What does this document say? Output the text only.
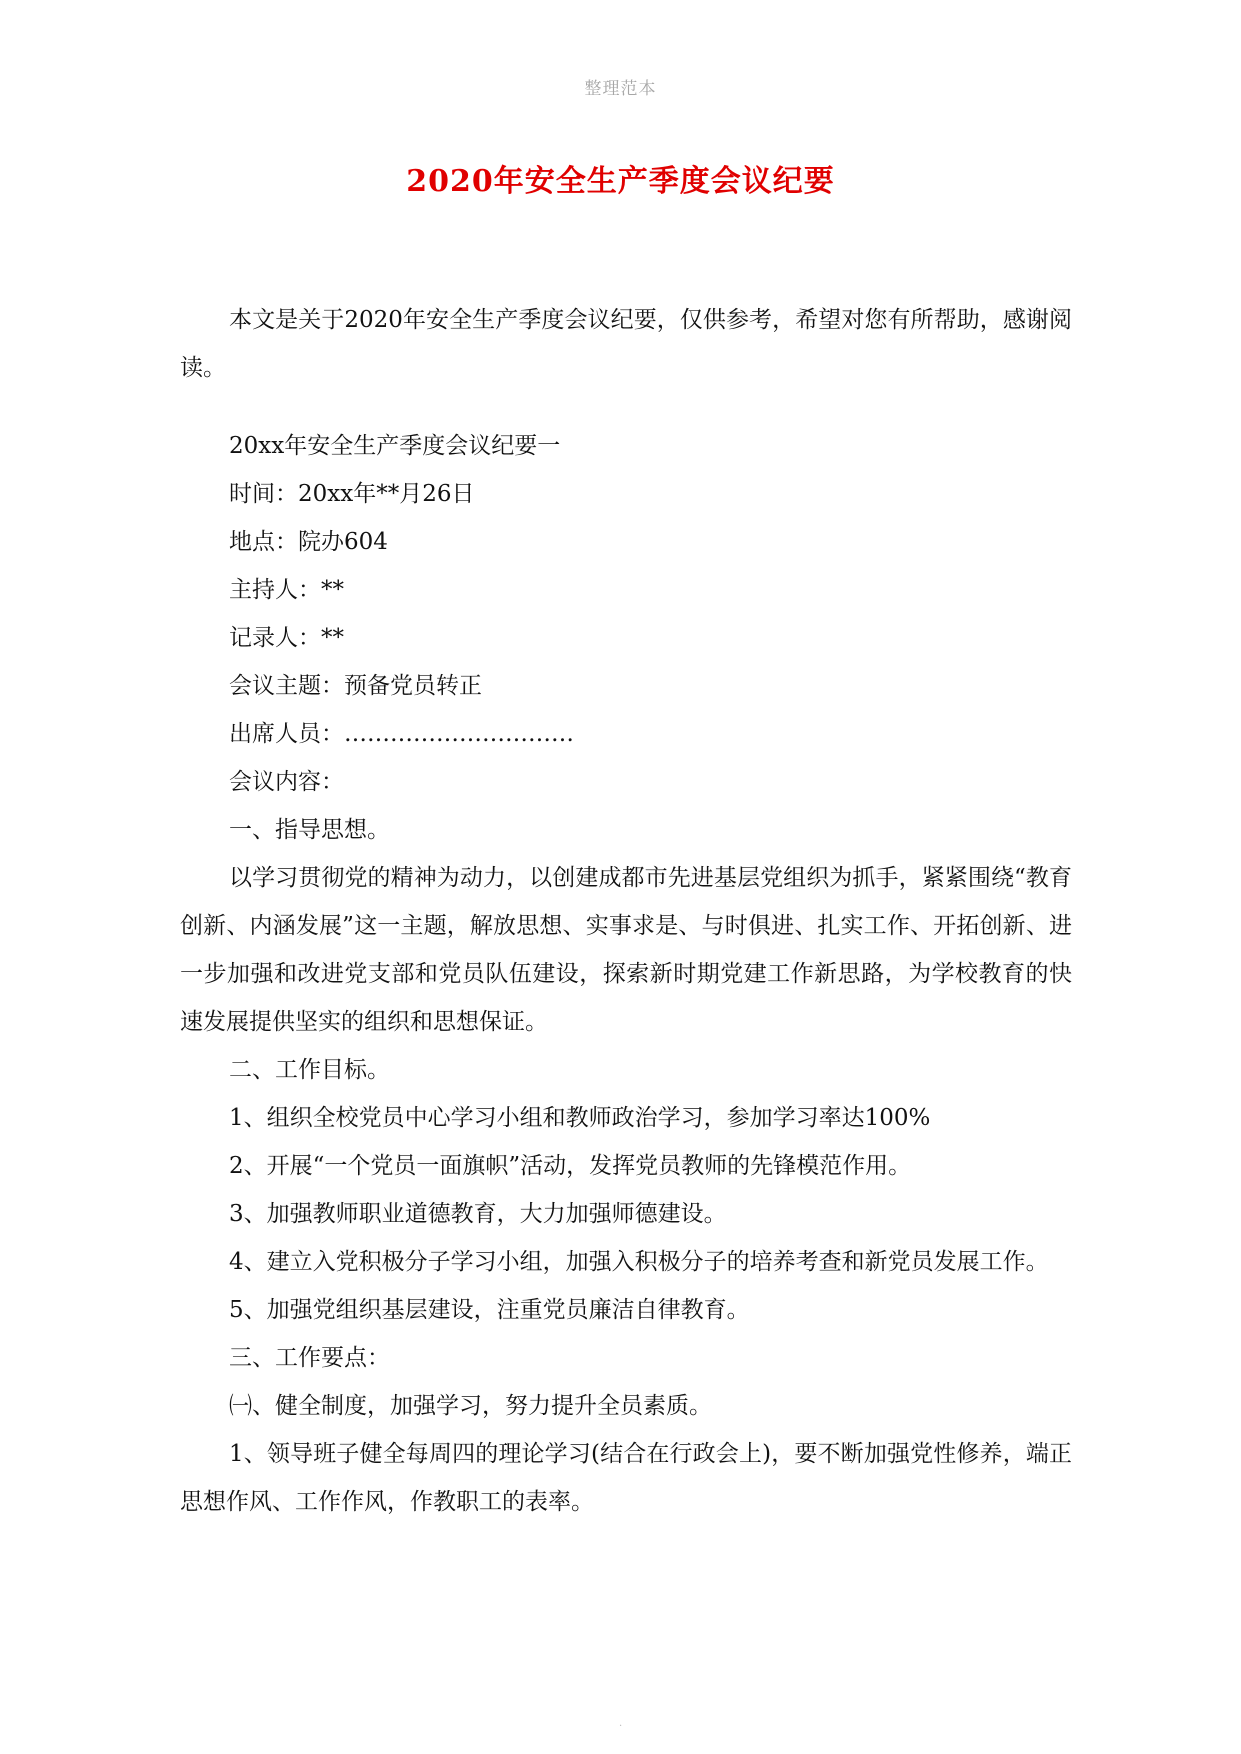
整理范本
2020年安全生产季度会议纪要

本文是关于2020年安全生产季度会议纪要，仅供参考，希望对您有所帮助，感谢阅读。

20xx年安全生产季度会议纪要一

时间：20xx年**月26日

地点：院办604

主持人：**

记录人：**

会议主题：预备党员转正

出席人员：…………………………

会议内容：

一、指导思想。

以学习贯彻党的精神为动力，以创建成都市先进基层党组织为抓手，紧紧围绕“教育创新、内涵发展”这一主题，解放思想、实事求是、与时俱进、扎实工作、开拓创新、进一步加强和改进党支部和党员队伍建设，探索新时期党建工作新思路，为学校教育的快速发展提供坚实的组织和思想保证。

二、工作目标。

1、组织全校党员中心学习小组和教师政治学习，参加学习率达100%

2、开展“一个党员一面旗帜”活动，发挥党员教师的先锋模范作用。

3、加强教师职业道德教育，大力加强师德建设。

4、建立入党积极分子学习小组，加强入积极分子的培养考查和新党员发展工作。

5、加强党组织基层建设，注重党员廉洁自律教育。

三、工作要点：

㈠、健全制度，加强学习，努力提升全员素质。

1、领导班子健全每周四的理论学习(结合在行政会上)，要不断加强党性修养，端正思想作风、工作作风，作教职工的表率。

.
